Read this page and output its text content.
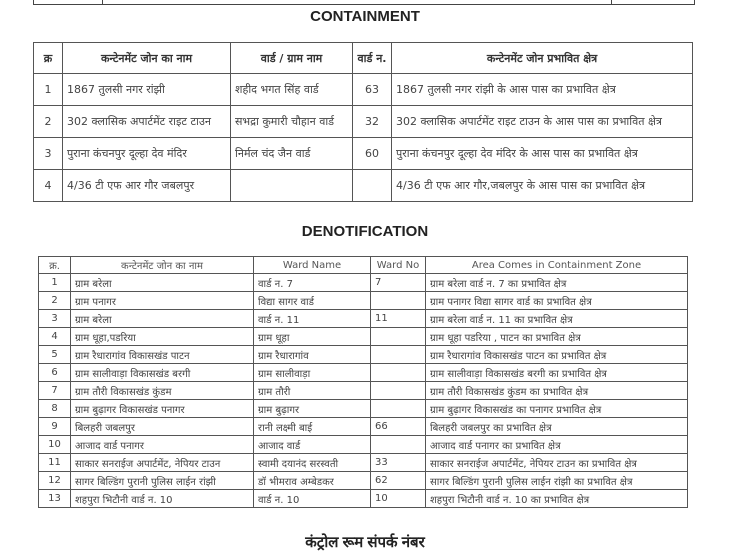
CONTAINMENT
क्र	कन्टेनमेंट जोन का नाम	वार्ड / ग्राम नाम	वार्ड न.	कन्टेनमेंट जोन प्रभावित क्षेत्र
1	1867 तुलसी नगर रांझी	शहीद भगत सिंह वार्ड	63	1867 तुलसी नगर रांझी के आस पास का प्रभावित क्षेत्र
2	302 क्लासिक अपार्टमेंट राइट टाउन	सभद्रा कुमारी चौहान वार्ड	32	302 क्लासिक अपार्टमेंट राइट टाउन के आस पास का प्रभावित क्षेत्र
3	पुराना कंचनपुर दूल्हा देव मंदिर	निर्मल चंद जैन वार्ड	60	पुराना कंचनपुर दूल्हा देव मंदिर के आस पास का प्रभावित क्षेत्र
4	4/36 टी एफ आर गौर जबलपुर			4/36 टी एफ आर गौर,जबलपुर के आस पास का प्रभावित क्षेत्र
DENOTIFICATION
क्र.	कन्टेनमेंट जोन का नाम	Ward Name	Ward No	Area Comes in Containment Zone
1	ग्राम बरेला	वार्ड न. 7	7	ग्राम बरेला वार्ड न. 7 का प्रभावित क्षेत्र
2	ग्राम पनागर	विद्या सागर वार्ड		ग्राम पनागर विद्या सागर वार्ड का प्रभावित क्षेत्र
3	ग्राम बरेला	वार्ड न. 11	11	ग्राम बरेला वार्ड न. 11 का प्रभावित क्षेत्र
4	ग्राम धूहा,पडरिया	ग्राम धूहा		ग्राम धूहा पडरिया , पाटन का प्रभावित क्षेत्र
5	ग्राम रैधारागांव विकासखंड पाटन	ग्राम रैधारागांव		ग्राम रैधारागांव विकासखंड पाटन का प्रभावित क्षेत्र
6	ग्राम सालीवाड़ा विकासखंड बरगी	ग्राम सालीवाड़ा		ग्राम सालीवाड़ा विकासखंड बरगी का प्रभावित क्षेत्र
7	ग्राम तौरी विकासखंड कुंडम	ग्राम तौरी		ग्राम तौरी विकासखंड कुंडम का प्रभावित क्षेत्र
8	ग्राम बुढ़ागर विकासखंड पनागर	ग्राम बुढ़ागर		ग्राम बुढ़ागर विकासखंड का पनागर प्रभावित क्षेत्र
9	बिलहरी जबलपुर	रानी लक्ष्मी बाई	66	बिलहरी जबलपुर का प्रभावित क्षेत्र
10	आजाद वार्ड पनागर	आजाद वार्ड		आजाद वार्ड पनागर का प्रभावित क्षेत्र
11	साकार सनराईज अपार्टमेंट, नेपियर टाउन	स्वामी दयानंद सरस्वती	33	साकार सनराईज अपार्टमेंट, नेपियर टाउन का प्रभावित क्षेत्र
12	सागर बिल्डिंग पुरानी पुलिस लाईन रांझी	डॉ भीमराव अम्बेडकर	62	सागर बिल्डिंग पुरानी पुलिस लाईन रांझी का प्रभावित क्षेत्र
13	शहपुरा भिटौनी वार्ड न. 10	वार्ड न. 10	10	शहपुरा भिटौनी वार्ड न. 10 का प्रभावित क्षेत्र
कंट्रोल रूम संपर्क नंबर
